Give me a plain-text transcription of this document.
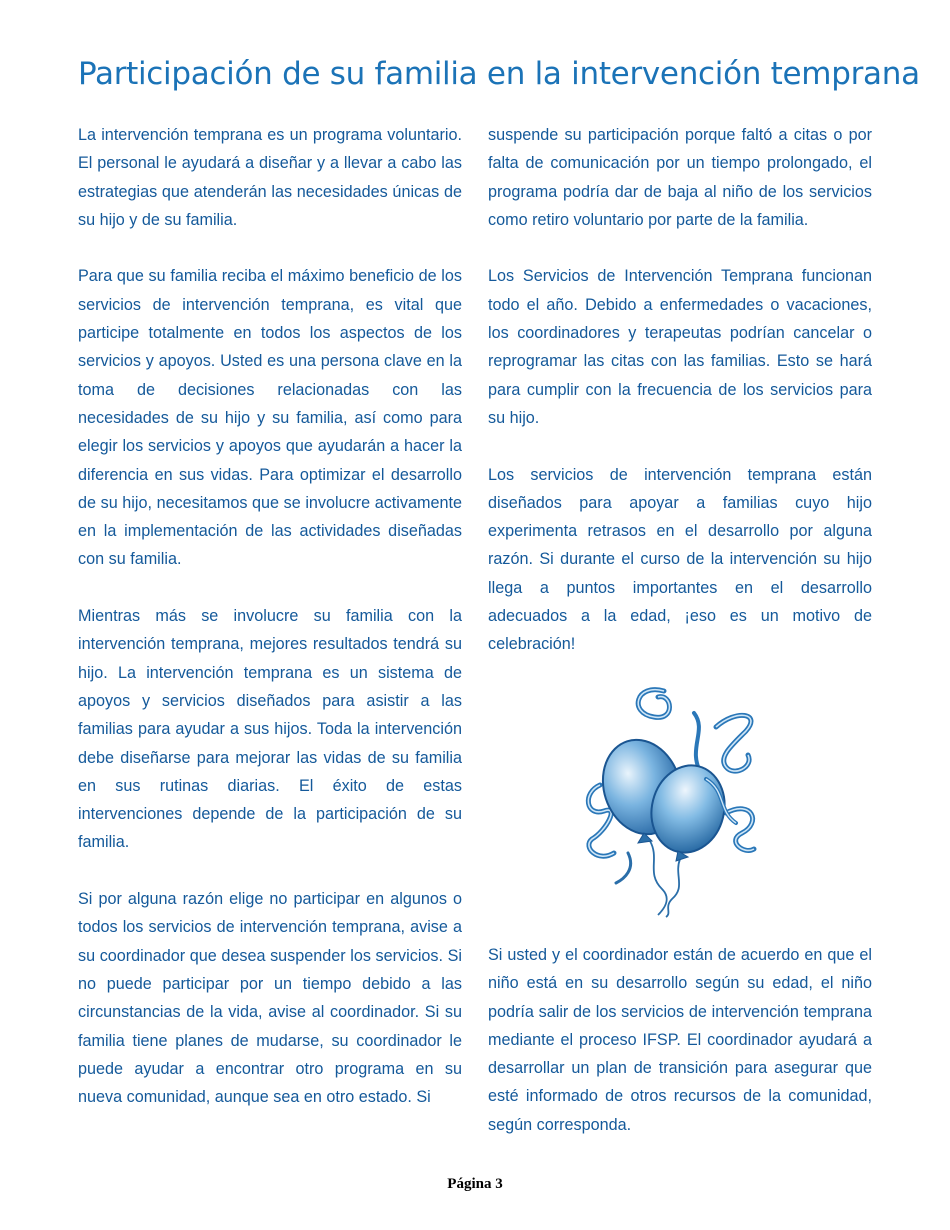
Participación de su familia en la intervención temprana

La intervención temprana es un programa voluntario. El personal le ayudará a diseñar y a llevar a cabo las estrategias que atenderán las necesidades únicas de su hijo y de su familia.

Para que su familia reciba el máximo beneficio de los servicios de intervención temprana, es vital que participe totalmente en todos los aspectos de los servicios y apoyos. Usted es una persona clave en la toma de decisiones relacionadas con las necesidades de su hijo y su familia, así como para elegir los servicios y apoyos que ayudarán a hacer la diferencia en sus vidas. Para optimizar el desarrollo de su hijo, necesitamos que se involucre activamente en la implementación de las actividades diseñadas con su familia.

Mientras más se involucre su familia con la intervención temprana, mejores resultados tendrá su hijo. La intervención temprana es un sistema de apoyos y servicios diseñados para asistir a las familias para ayudar a sus hijos. Toda la intervención debe diseñarse para mejorar las vidas de su familia en sus rutinas diarias. El éxito de estas intervenciones depende de la participación de su familia.

Si por alguna razón elige no participar en algunos o todos los servicios de intervención temprana, avise a su coordinador que desea suspender los servicios. Si no puede participar por un tiempo debido a las circunstancias de la vida, avise al coordinador. Si su familia tiene planes de mudarse, su coordinador le puede ayudar a encontrar otro programa en su nueva comunidad, aunque sea en otro estado. Si

suspende su participación porque faltó a citas o por falta de comunicación por un tiempo prolongado, el programa podría dar de baja al niño de los servicios como retiro voluntario por parte de la familia.

Los Servicios de Intervención Temprana funcionan todo el año. Debido a enfermedades o vacaciones, los coordinadores y terapeutas podrían cancelar o reprogramar las citas con las familias. Esto se hará para cumplir con la frecuencia de los servicios para su hijo.

Los servicios de intervención temprana están diseñados para apoyar a familias cuyo hijo experimenta retrasos en el desarrollo por alguna razón. Si durante el curso de la intervención su hijo llega a puntos importantes en el desarrollo adecuados a la edad, ¡eso es un motivo de celebración!

Si usted y el coordinador están de acuerdo en que el niño está en su desarrollo según su edad, el niño podría salir de los servicios de intervención temprana mediante el proceso IFSP. El coordinador ayudará a desarrollar un plan de transición para asegurar que esté informado de otros recursos de la comunidad, según corresponda.

Página 3
